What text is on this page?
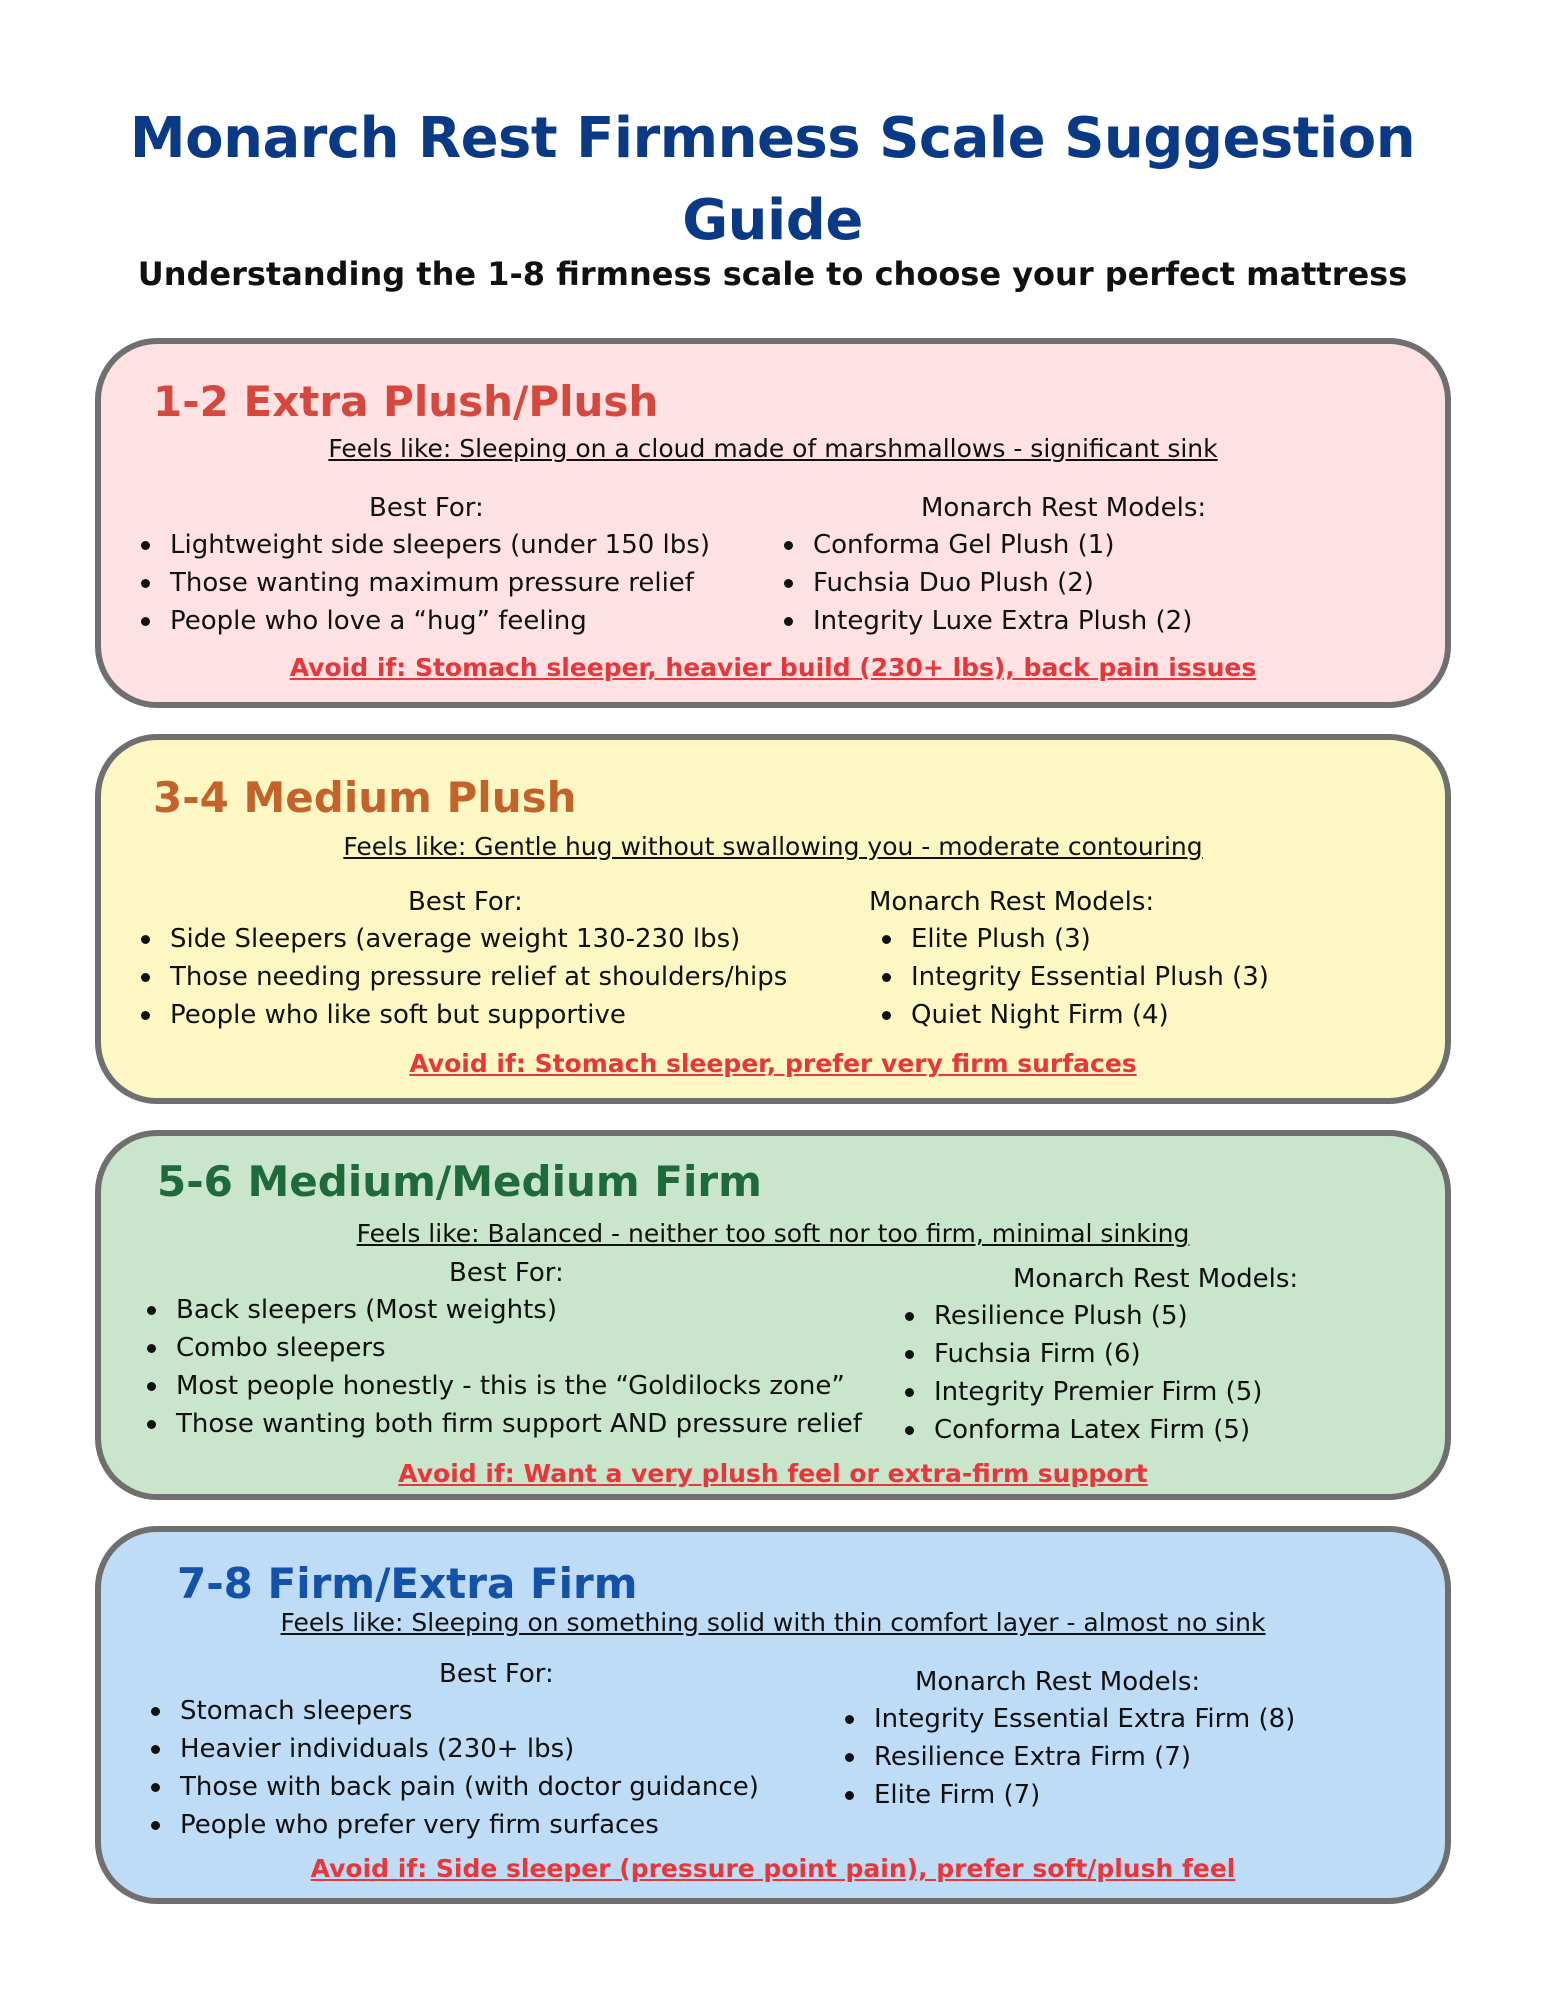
Monarch Rest Firmness Scale Suggestion
Guide
Understanding the 1-8 firmness scale to choose your perfect mattress
1-2 Extra Plush/Plush
Feels like: Sleeping on a cloud made of marshmallows - significant sink
Best For:
Lightweight side sleepers (under 150 lbs)
Those wanting maximum pressure relief
People who love a “hug” feeling
Monarch Rest Models:
Conforma Gel Plush (1)
Fuchsia Duo Plush (2)
Integrity Luxe Extra Plush (2)
Avoid if: Stomach sleeper, heavier build (230+ lbs), back pain issues
3-4 Medium Plush
Feels like: Gentle hug without swallowing you - moderate contouring
Best For:
Side Sleepers (average weight 130-230 lbs)
Those needing pressure relief at shoulders/hips
People who like soft but supportive
Monarch Rest Models:
Elite Plush (3)
Integrity Essential Plush (3)
Quiet Night Firm (4)
Avoid if: Stomach sleeper, prefer very firm surfaces
5-6 Medium/Medium Firm
Feels like: Balanced - neither too soft nor too firm, minimal sinking
Best For:
Back sleepers (Most weights)
Combo sleepers
Most people honestly - this is the “Goldilocks zone”
Those wanting both firm support AND pressure relief
Monarch Rest Models:
Resilience Plush (5)
Fuchsia Firm (6)
Integrity Premier Firm (5)
Conforma Latex Firm (5)
Avoid if: Want a very plush feel or extra-firm support
7-8 Firm/Extra Firm
Feels like: Sleeping on something solid with thin comfort layer - almost no sink
Best For:
Stomach sleepers
Heavier individuals (230+ lbs)
Those with back pain (with doctor guidance)
People who prefer very firm surfaces
Monarch Rest Models:
Integrity Essential Extra Firm (8)
Resilience Extra Firm (7)
Elite Firm (7)
Avoid if: Side sleeper (pressure point pain), prefer soft/plush feel
